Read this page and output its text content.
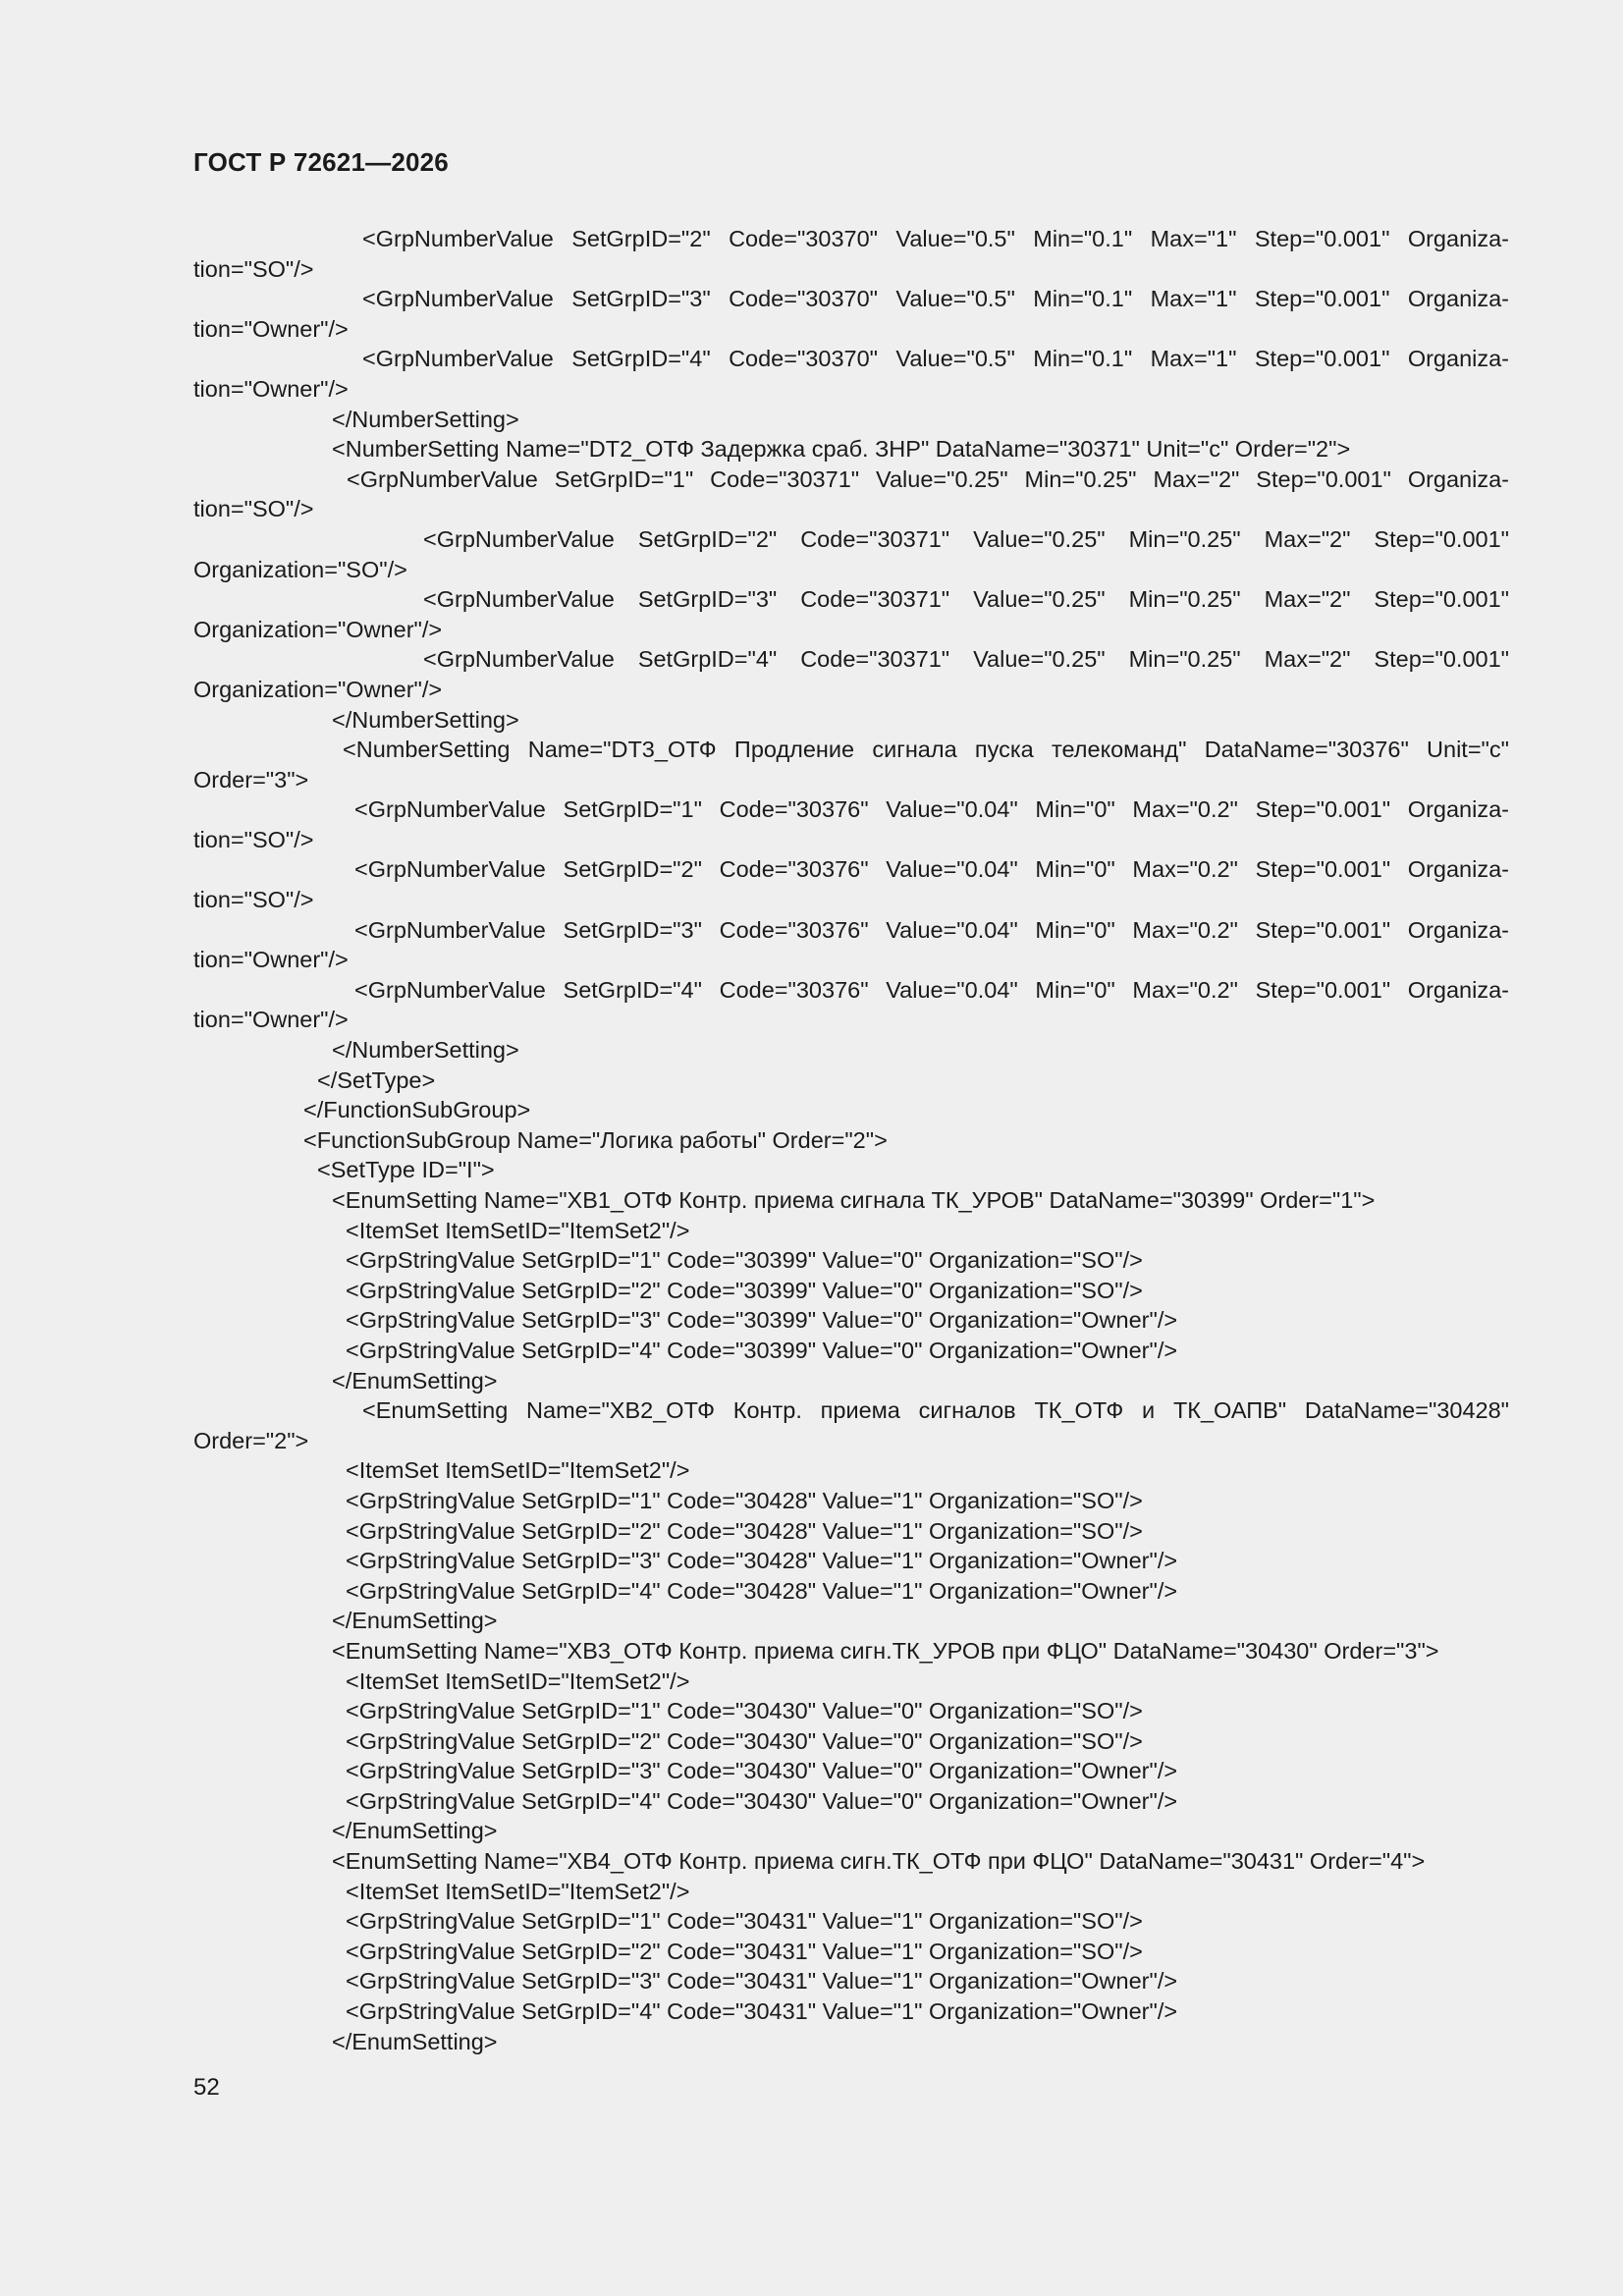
ГОСТ Р 72621—2026
<GrpNumberValue SetGrpID="2" Code="30370" Value="0.5" Min="0.1" Max="1" Step="0.001" Organiza-
tion="SO"/>
<GrpNumberValue SetGrpID="3" Code="30370" Value="0.5" Min="0.1" Max="1" Step="0.001" Organiza-
tion="Owner"/>
<GrpNumberValue SetGrpID="4" Code="30370" Value="0.5" Min="0.1" Max="1" Step="0.001" Organiza-
tion="Owner"/>
</NumberSetting>
<NumberSetting Name="DT2_ОТФ Задержка сраб. ЗНР" DataName="30371" Unit="с" Order="2">
<GrpNumberValue SetGrpID="1" Code="30371" Value="0.25" Min="0.25" Max="2" Step="0.001" Organiza-
tion="SO"/>
<GrpNumberValue SetGrpID="2" Code="30371" Value="0.25" Min="0.25" Max="2" Step="0.001"
Organization="SO"/>
<GrpNumberValue SetGrpID="3" Code="30371" Value="0.25" Min="0.25" Max="2" Step="0.001"
Organization="Owner"/>
<GrpNumberValue SetGrpID="4" Code="30371" Value="0.25" Min="0.25" Max="2" Step="0.001"
Organization="Owner"/>
</NumberSetting>
<NumberSetting Name="DT3_ОТФ Продление сигнала пуска телекоманд" DataName="30376" Unit="с"
Order="3">
<GrpNumberValue SetGrpID="1" Code="30376" Value="0.04" Min="0" Max="0.2" Step="0.001" Organiza-
tion="SO"/>
<GrpNumberValue SetGrpID="2" Code="30376" Value="0.04" Min="0" Max="0.2" Step="0.001" Organiza-
tion="SO"/>
<GrpNumberValue SetGrpID="3" Code="30376" Value="0.04" Min="0" Max="0.2" Step="0.001" Organiza-
tion="Owner"/>
<GrpNumberValue SetGrpID="4" Code="30376" Value="0.04" Min="0" Max="0.2" Step="0.001" Organiza-
tion="Owner"/>
</NumberSetting>
</SetType>
</FunctionSubGroup>
<FunctionSubGroup Name="Логика работы" Order="2">
<SetType ID="I">
<EnumSetting Name="XB1_ОТФ Контр. приема сигнала ТК_УРОВ" DataName="30399" Order="1">
<ItemSet ItemSetID="ItemSet2"/>
<GrpStringValue SetGrpID="1" Code="30399" Value="0" Organization="SO"/>
<GrpStringValue SetGrpID="2" Code="30399" Value="0" Organization="SO"/>
<GrpStringValue SetGrpID="3" Code="30399" Value="0" Organization="Owner"/>
<GrpStringValue SetGrpID="4" Code="30399" Value="0" Organization="Owner"/>
</EnumSetting>
<EnumSetting Name="XB2_ОТФ Контр. приема сигналов ТК_ОТФ и ТК_ОАПВ" DataName="30428"
Order="2">
<ItemSet ItemSetID="ItemSet2"/>
<GrpStringValue SetGrpID="1" Code="30428" Value="1" Organization="SO"/>
<GrpStringValue SetGrpID="2" Code="30428" Value="1" Organization="SO"/>
<GrpStringValue SetGrpID="3" Code="30428" Value="1" Organization="Owner"/>
<GrpStringValue SetGrpID="4" Code="30428" Value="1" Organization="Owner"/>
</EnumSetting>
<EnumSetting Name="XB3_ОТФ Контр. приема сигн.ТК_УРОВ при ФЦО" DataName="30430" Order="3">
<ItemSet ItemSetID="ItemSet2"/>
<GrpStringValue SetGrpID="1" Code="30430" Value="0" Organization="SO"/>
<GrpStringValue SetGrpID="2" Code="30430" Value="0" Organization="SO"/>
<GrpStringValue SetGrpID="3" Code="30430" Value="0" Organization="Owner"/>
<GrpStringValue SetGrpID="4" Code="30430" Value="0" Organization="Owner"/>
</EnumSetting>
<EnumSetting Name="XB4_ОТФ Контр. приема сигн.ТК_ОТФ при ФЦО" DataName="30431" Order="4">
<ItemSet ItemSetID="ItemSet2"/>
<GrpStringValue SetGrpID="1" Code="30431" Value="1" Organization="SO"/>
<GrpStringValue SetGrpID="2" Code="30431" Value="1" Organization="SO"/>
<GrpStringValue SetGrpID="3" Code="30431" Value="1" Organization="Owner"/>
<GrpStringValue SetGrpID="4" Code="30431" Value="1" Organization="Owner"/>
</EnumSetting>
52
